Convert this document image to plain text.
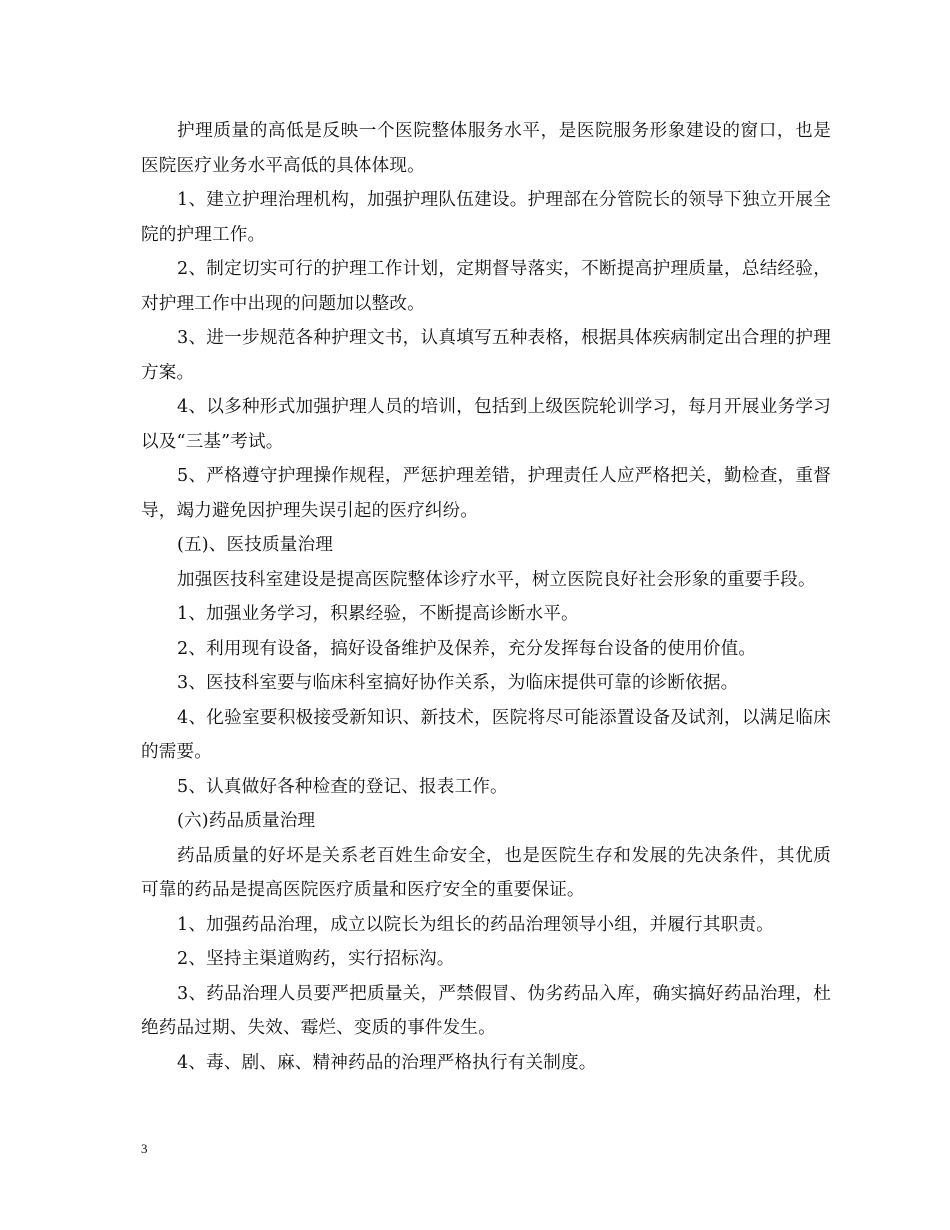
护理质量的高低是反映一个医院整体服务水平，是医院服务形象建设的窗口，也是医院医疗业务水平高低的具体体现。

1、建立护理治理机构，加强护理队伍建设。护理部在分管院长的领导下独立开展全院的护理工作。

2、制定切实可行的护理工作计划，定期督导落实，不断提高护理质量，总结经验，对护理工作中出现的问题加以整改。

3、进一步规范各种护理文书，认真填写五种表格，根据具体疾病制定出合理的护理方案。

4、以多种形式加强护理人员的培训，包括到上级医院轮训学习，每月开展业务学习以及“三基”考试。

5、严格遵守护理操作规程，严惩护理差错，护理责任人应严格把关，勤检查，重督导，竭力避免因护理失误引起的医疗纠纷。

(五)、医技质量治理

加强医技科室建设是提高医院整体诊疗水平，树立医院良好社会形象的重要手段。

1、加强业务学习，积累经验，不断提高诊断水平。

2、利用现有设备，搞好设备维护及保养，充分发挥每台设备的使用价值。

3、医技科室要与临床科室搞好协作关系，为临床提供可靠的诊断依据。

4、化验室要积极接受新知识、新技术，医院将尽可能添置设备及试剂，以满足临床的需要。

5、认真做好各种检查的登记、报表工作。

(六)药品质量治理

药品质量的好坏是关系老百姓生命安全，也是医院生存和发展的先决条件，其优质可靠的药品是提高医院医疗质量和医疗安全的重要保证。

1、加强药品治理，成立以院长为组长的药品治理领导小组，并履行其职责。

2、坚持主渠道购药，实行招标沟。

3、药品治理人员要严把质量关，严禁假冒、伪劣药品入库，确实搞好药品治理，杜绝药品过期、失效、霉烂、变质的事件发生。

4、毒、剧、麻、精神药品的治理严格执行有关制度。

3
